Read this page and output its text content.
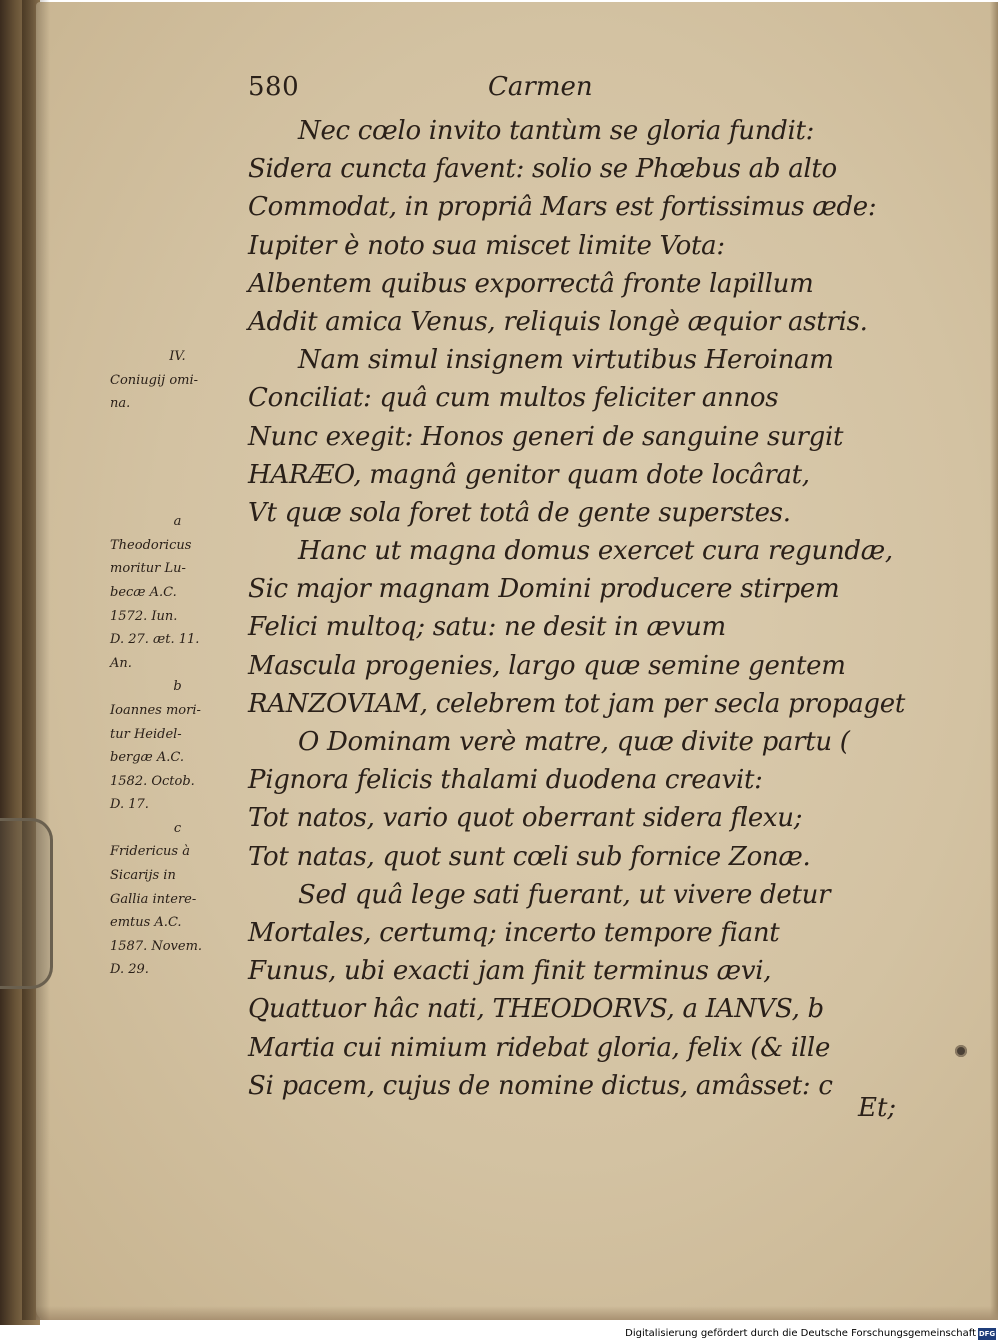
580	Carmen
Nec cœlo invito tantùm se gloria fundit:
Sidera cuncta favent: solio se Phœbus ab alto
Commodat, in propriâ Mars est fortissimus æde:
Iupiter è noto sua miscet limite Vota:
Albentem quibus exporrectâ fronte lapillum
Addit amica Venus, reliquis longè æquior astris.
Nam simul insignem virtutibus Heroinam
Conciliat: quâ cum multos feliciter annos
Nunc exegit: Honos generi de sanguine surgit
HARÆO, magnâ genitor quam dote locârat,
Vt quæ sola foret totâ de gente superstes.
Hanc ut magna domus exercet cura regundæ,
Sic major magnam Domini producere stirpem
Felici multoq; satu: ne desit in ævum
Mascula progenies, largo quæ semine gentem
RANZOVIAM, celebrem tot jam per secla propaget
O Dominam verè matre, quæ divite partu (
Pignora felicis thalami duodena creavit:
Tot natos, vario quot oberrant sidera flexu;
Tot natas, quot sunt cœli sub fornice Zonæ.
Sed quâ lege sati fuerant, ut vivere detur
Mortales, certumq; incerto tempore fiant
Funus, ubi exacti jam finit terminus ævi,
Quattuor hâc nati, THEODORVS, a IANVS, b
Martia cui nimium ridebat gloria, felix (& ille
Si pacem, cujus de nomine dictus, amâsset: c
IV.
Coniugij omi-
na.
a
Theodoricus
moritur Lu-
becæ A.C.
1572. Iun.
D. 27. æt. 11.
An.
b
Ioannes mori-
tur Heidel-
bergæ A.C.
1582. Octob.
D. 17.
c
Fridericus à
Sicarijs in
Gallia intere-
emtus A.C.
1587. Novem.
D. 29.
Et;
Digitalisierung gefördert durch die Deutsche Forschungsgemeinschaft DFG
